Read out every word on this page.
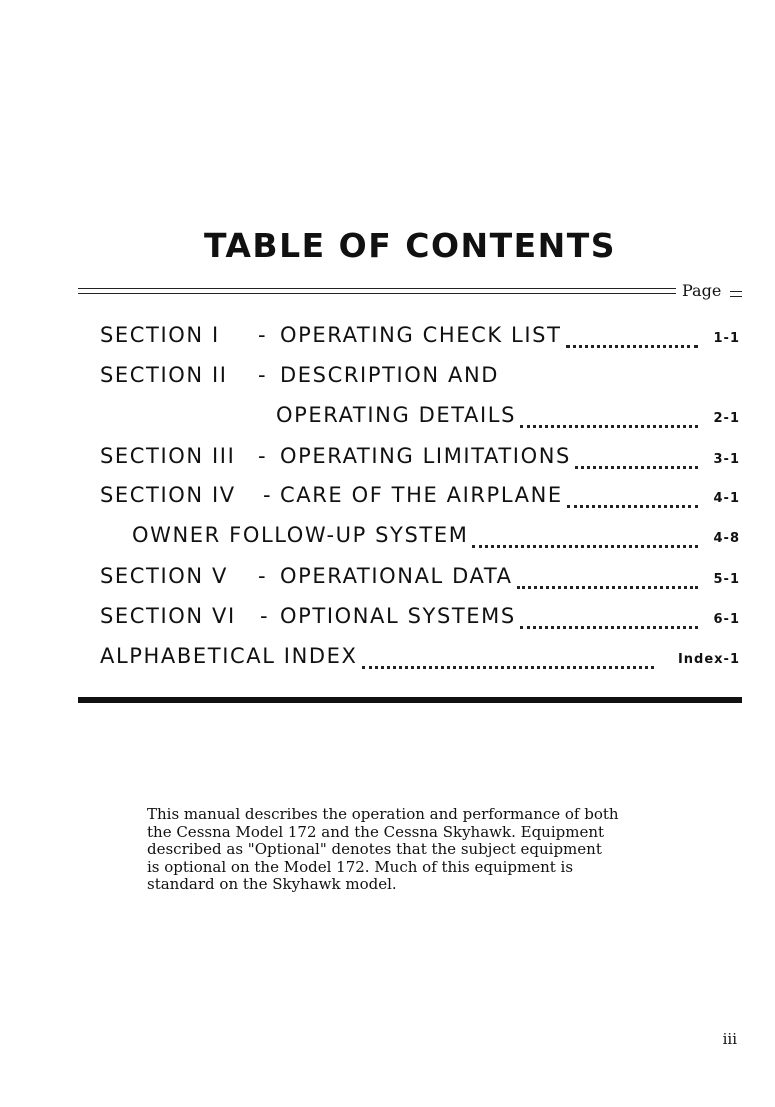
TABLE OF CONTENTS
Page
SECTION I - OPERATING CHECK LIST	1-1
SECTION II - DESCRIPTION AND
OPERATING DETAILS	2-1
SECTION III - OPERATING LIMITATIONS	3-1
SECTION IV - CARE OF THE AIRPLANE	4-1
OWNER FOLLOW-UP SYSTEM	4-8
SECTION V - OPERATIONAL DATA	5-1
SECTION VI - OPTIONAL SYSTEMS	6-1
ALPHABETICAL INDEX	Index-1
This manual describes the operation and performance of both
the Cessna Model 172 and the Cessna Skyhawk. Equipment
described as "Optional" denotes that the subject equipment
is optional on the Model 172. Much of this equipment is
standard on the Skyhawk model.
iii
